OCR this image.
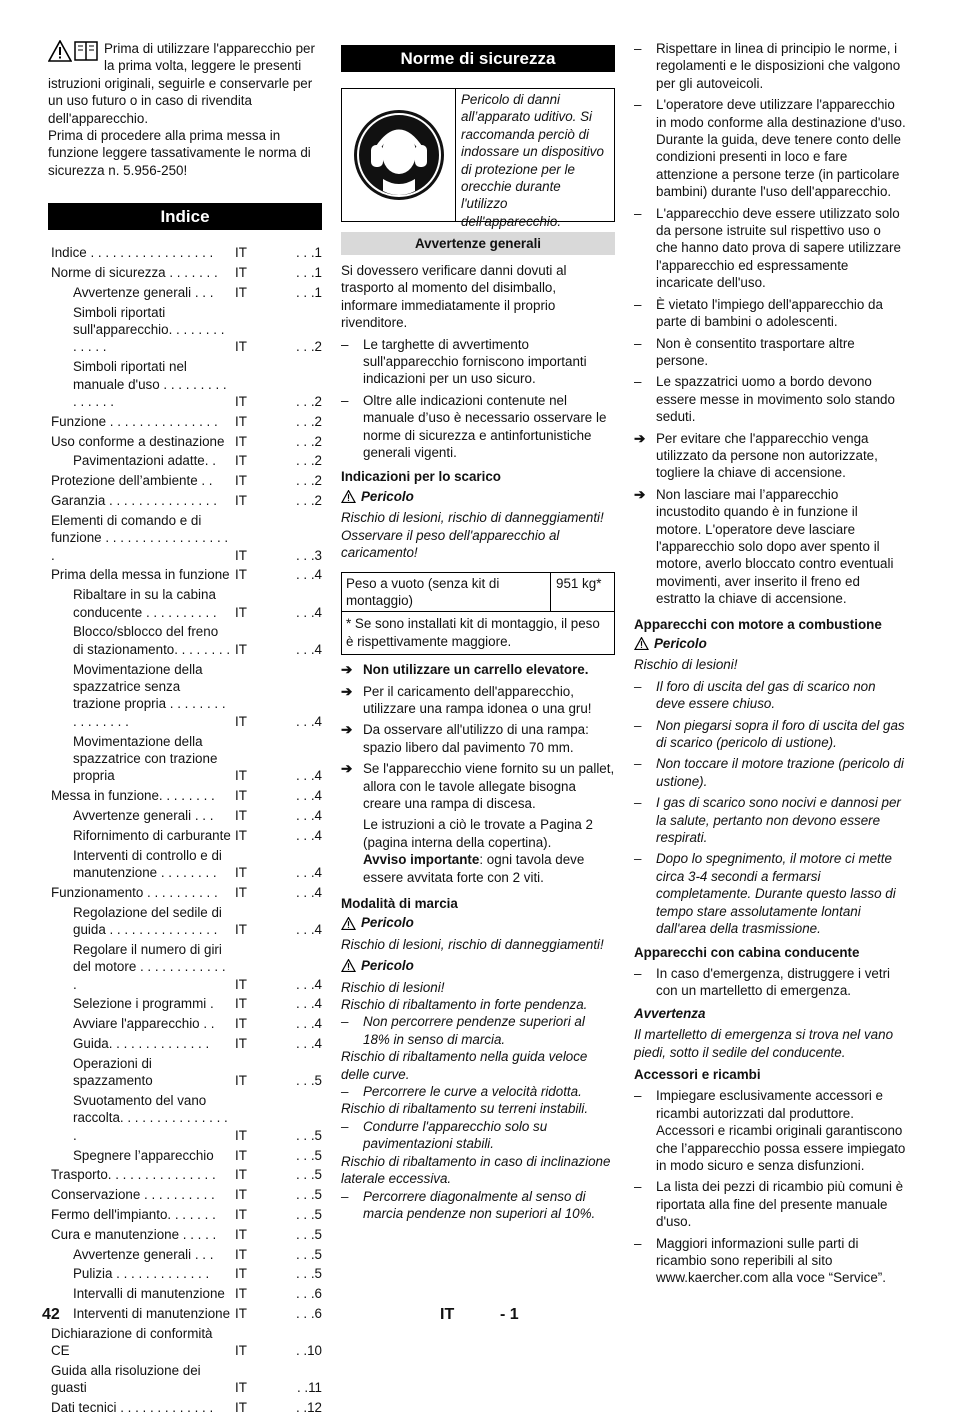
Prima di utilizzare l'apparecchio per la prima volta, leggere le presenti istruzioni originali, seguirle e conservarle per un uso futuro o in caso di rivendita dell'apparecchio.

Prima di procedere alla prima messa in funzione leggere tassativamente le norma di sicurezza n. 5.956-250!

Indice
Indice . . . . . . . . . . . . . . . . .	IT	. . .1
Norme di sicurezza . . . . . . .	IT	. . .1
Avvertenze generali . . .	IT	. . .1
Simboli riportati sull'apparecchio. . . . . . . . . . . . .	IT	. . .2
Simboli riportati nel manuale d'uso . . . . . . . . . . . . . . .	IT	. . .2
Funzione . . . . . . . . . . . . . . .	IT	. . .2
Uso conforme a destinazione IT	. . .2
Pavimentazioni adatte. .	IT	. . .2
Protezione dell’ambiente . .	IT	. . .2
Garanzia . . . . . . . . . . . . . . .	IT	. . .2
Elementi di comando e di funzione . . . . . . . . . . . . . . . . . .	IT	. . .3
Prima della messa in funzione IT	. . .4
Ribaltare in su la cabina conducente . . . . . . . . . .	IT	. . .4
Blocco/sblocco del freno di stazionamento. . . . . . . . IT	. . .4
Movimentazione della spazzatrice senza trazione propria . . . . . . . . . . . . . . . .	IT	. . .4
Movimentazione della spazzatrice con trazione propria	IT	. . .4
Messa in funzione. . . . . . . .	IT	. . .4
Avvertenze generali . . .	IT	. . .4
Rifornimento di carburante IT	. . .4
Interventi di controllo e di manutenzione . . . . . . . .	IT	. . .4
Funzionamento . . . . . . . . . .	IT	. . .4
Regolazione del sedile di guida . . . . . . . . . . . . . . .	IT	. . .4
Regolare il numero di giri del motore . . . . . . . . . . . . .	IT	. . .4
Selezione i programmi .	IT	. . .4
Avviare l'apparecchio . .	IT	. . .4
Guida. . . . . . . . . . . . . .	IT	. . .4
Operazioni di spazzamento	IT	. . .5
Svuotamento del vano raccolta. . . . . . . . . . . . . . . .	IT	. . .5
Spegnere l’apparecchio	IT	. . .5
Trasporto. . . . . . . . . . . . . . .	IT	. . .5
Conservazione . . . . . . . . . .	IT	. . .5
Fermo dell'impianto. . . . . . .	IT	. . .5
Cura e manutenzione . . . . .	IT	. . .5
Avvertenze generali . . .	IT	. . .5
Pulizia . . . . . . . . . . . . .	IT	. . .5
Intervalli di manutenzione IT	. . .6
Interventi di manutenzione IT	. . .6
Dichiarazione di conformità CE	IT	. .10
Guida alla risoluzione dei guasti	IT	. .11
Dati tecnici . . . . . . . . . . . . .	IT	. .12
Norme di sicurezza
Pericolo di danni all’apparato uditivo. Si raccomanda perciò di indossare un dispositivo di protezione per le orecchie durante l'utilizzo dell'apparecchio.
Avvertenze generali

Si dovessero verificare danni dovuti al trasporto al momento del disimballo, informare immediatamente il proprio rivenditore.

–	Le targhette di avvertimento sull'apparecchio forniscono importanti indicazioni per un uso sicuro.
–	Oltre alle indicazioni contenute nel manuale d’uso è necessario osservare le norme di sicurezza e antinfortunistiche generali vigenti.
Indicazioni per lo scarico
Pericolo

Rischio di lesioni, rischio di danneggiamenti!

Osservare il peso dell'apparecchio al caricamento!

Peso a vuoto (senza kit di montaggio)
951 kg*
* Se sono installati kit di montaggio, il peso è rispettivamente maggiore.
➔ Non utilizzare un carrello elevatore.
➔ Per il caricamento dell'apparecchio, utilizzare una rampa idonea o una gru!
➔ Da osservare all'utilizzo di una rampa: spazio libero dal pavimento 70 mm.
➔ Se l'apparecchio viene fornito su un pallet, allora con le tavole allegate bisogna creare una rampa di discesa.
Le istruzioni a ciò le trovate a Pagina 2 (pagina interna della copertina).
Avviso importante: ogni tavola deve essere avvitata forte con 2 viti.
Modalità di marcia
Pericolo

Rischio di lesioni, rischio di danneggiamenti!

Pericolo

Rischio di lesioni!

Rischio di ribaltamento in forte pendenza.

–	Non percorrere pendenze superiori al 18% in senso di marcia.

Rischio di ribaltamento nella guida veloce delle curve.

–	Percorrere le curve a velocità ridotta.

Rischio di ribaltamento su terreni instabili.

–	Condurre l'apparecchio solo su pavimentazioni stabili.

Rischio di ribaltamento in caso di inclinazione laterale eccessiva.

–	Percorrere diagonalmente al senso di marcia pendenze non superiori al 10%.
–	Rispettare in linea di principio le norme, i regolamenti e le disposizioni che valgono per gli autoveicoli.
–	L'operatore deve utilizzare l'apparecchio in modo conforme alla destinazione d'uso. Durante la guida, deve tenere conto delle condizioni presenti in loco e fare attenzione a persone terze (in particolare bambini) durante l'uso dell'apparecchio.
–	L'apparecchio deve essere utilizzato solo da persone istruite sul rispettivo uso o che hanno dato prova di sapere utilizzare l'apparecchio ed espressamente incaricate dell'uso.
–	È vietato l'impiego dell'apparecchio da parte di bambini o adolescenti.
–	Non è consentito trasportare altre persone.
–	Le spazzatrici uomo a bordo devono essere messe in movimento solo stando seduti.
➔ Per evitare che l'apparecchio venga utilizzato da persone non autorizzate, togliere la chiave di accensione.
➔ Non lasciare mai l’apparecchio incustodito quando è in funzione il motore. L'operatore deve lasciare l'apparecchio solo dopo aver spento il motore, averlo bloccato contro eventuali movimenti, aver inserito il freno ed estratto la chiave di accensione.
Apparecchi con motore a combustione
Pericolo

Rischio di lesioni!

–	Il foro di uscita del gas di scarico non deve essere chiuso.
–	Non piegarsi sopra il foro di uscita del gas di scarico (pericolo di ustione).
–	Non toccare il motore trazione (pericolo di ustione).
–	I gas di scarico sono nocivi e dannosi per la salute, pertanto non devono essere respirati.
–	Dopo lo spegnimento, il motore ci mette circa 3-4 secondi a fermarsi completamente. Durante questo lasso di tempo stare assolutamente lontani dall'area della trasmissione.
Apparecchi con cabina conducente
–	In caso d'emergenza, distruggere i vetri con un martelletto di emergenza.

Avvertenza

Il martelletto di emergenza si trova nel vano piedi, sotto il sedile del conducente.

Accessori e ricambi
–	Impiegare esclusivamente accessori e ricambi autorizzati dal produttore. Accessori e ricambi originali garantiscono che l’apparecchio possa essere impiegato in modo sicuro e senza disfunzioni.
–	La lista dei pezzi di ricambio più comuni è riportata alla fine del presente manuale d'uso.
–	Maggiori informazioni sulle parti di ricambio sono reperibili al sito www.kaercher.com alla voce “Service”.
42	IT	- 1
